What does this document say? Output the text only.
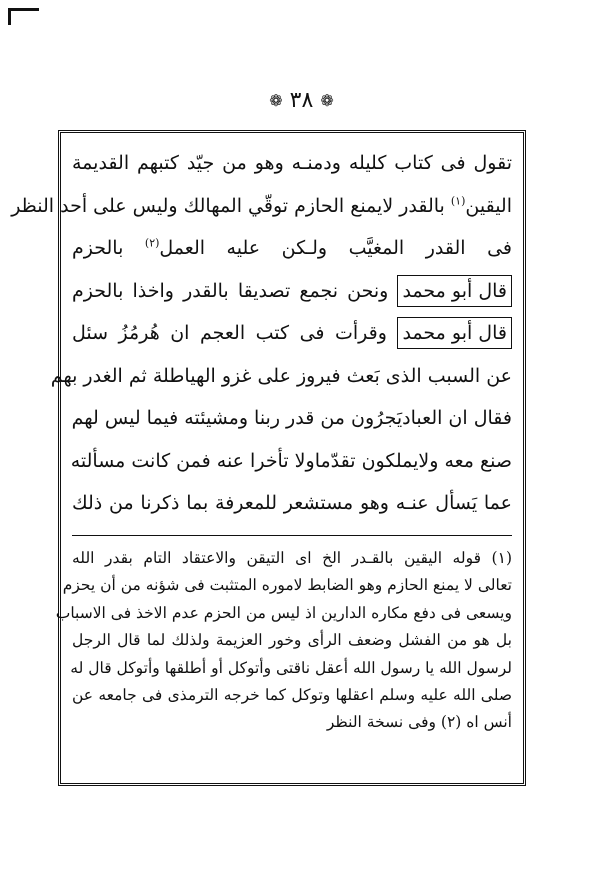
❁ ٣٨ ❁
تقول فى كتاب كليله ودمنـه وهو من جيّد كتبهم القديمة
اليقين$^{(١)}$ بالقدر لايمنع الحازم توقّي المهالك وليس على أحد النظر
فى القدر المغيَّب ولـكن عليه العمل$^{(٢)}$ بالحزم
قال أبو محمد ونحن نجمع تصديقا بالقدر واخذا بالحزم
قال أبو محمد وقرأت فى كتب العجم ان هُرمُزُ سئل
عن السبب الذى بَعث فيروز على غزو الهياطلة ثم الغدر بهم
فقال ان العباديَجرُون من قدر ربنا ومشيئته فيما ليس لهم
صنع معه ولايملكون تقدّماولا تأخرا عنه فمن كانت مسألته
عما يَسأل عنـه وهو مستشعر للمعرفة بما ذكرنا من ذلك
(١) قوله اليقين بالقـدر الخ اى التيقن والاعتقاد التام بقدر الله
تعالى لا يمنع الحازم وهو الضابط لاموره المتثبت فى شؤنه من أن يحزم
ويسعى فى دفع مكاره الدارين اذ ليس من الحزم عدم الاخذ فى الاسباب
بل هو من الفشل وضعف الرأى وخور العزيمة ولذلك لما قال الرجل
لرسول الله يا رسول الله أعقل ناقتى وأتوكل أو أطلقها وأتوكل قال له
صلى الله عليه وسلم اعقلها وتوكل كما خرجه الترمذى فى جامعه عن
أنس اه (٢) وفى نسخة النظر
